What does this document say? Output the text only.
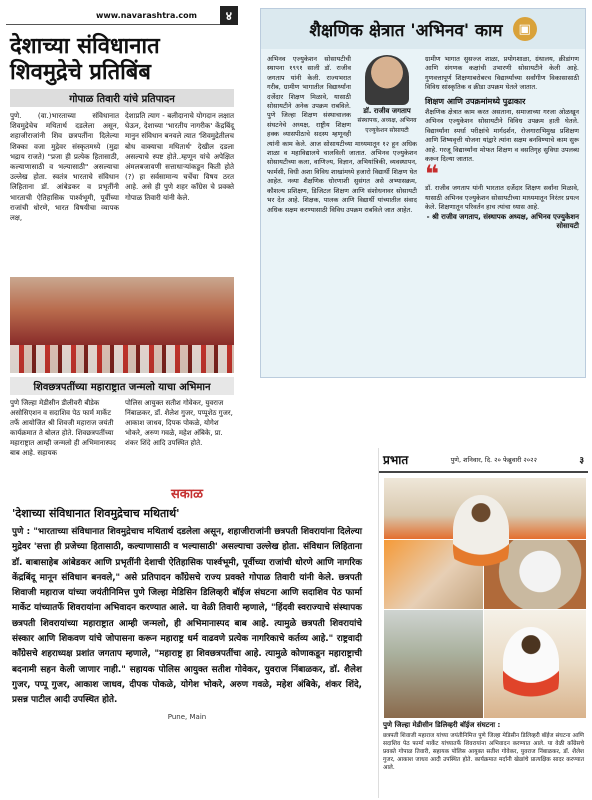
www.navarashtra.com	४
देशाच्या संविधानात शिवमुद्रेचे प्रतिबिंब
गोपाळ तिवारी यांचे प्रतिपादन
पुणे. (वा.)भारताच्या संविधानात शिवमुद्रेचेच मथितार्थ दडलेला असून, शहाजीराजांनी शिव छत्रपतींना दिलेल्या शिक्का वजा मुद्रेवर संस्कृतमध्ये (मुद्रा भद्राय राजते) "प्रजा ही प्रत्येक हितासाठी, कल्याणासाठी व भल्यासाठी" असल्याचा उल्लेख होता. स्वतंत्र भारताचे संविधान लिहिताना डॉ. आंबेडकर व प्रभृतींनी भारताची ऐतिहासिक पार्श्वभूमी, पूर्वीच्या राजांची धोरणे, भारत विषयीचा व्यापक लक्ष,
देशाप्रति त्याग - बलीदानाचे योगदान लक्षात घेऊन, देशाच्या 'भारतीय नागरीक' केंद्रबिंदू मानुन संविधान बनवले त्यात 'शिवमुद्रेतीलच बोध वाक्याचा मथितार्थ' देखील दडला असल्याचे स्पष्ट होते..म्हणून यांचे अपेक्षित अंमलबजावणी सत्ताधाऱ्यांकडून किती होते (?) हा सर्वसामान्य चर्चेचा विषय ठरत आहे. असे ही पुणे शहर काँग्रेस चे प्रवक्ते गोपाळ तिवारी यांनी केले.
शिवछत्रपतींच्या महाराष्ट्रात जन्मलो याचा अभिमान
पुणे जिल्हा मेडीसीन डीलीवरी बीडेक असोसिएशन व सदाशिव पेठ फार्म मार्केट तर्फे आयोजित श्री शिवजी महाराज जयंती कार्यक्रमात ते बोलत होते. शिवछत्रपतींच्या महाराष्ट्रात आम्ही जन्मलो ही अभिमानास्पद बाब आहे. सहायक
पोलिस आयुक्त सतीश गोवेकर, युवराज निंबाळकर, डॉ. शैलेश गुजर, पप्पूशेठ गुजर, आकाश जाधव, दिपक पोकळे, योगेश भोकरे, अरुण गवळे, महेश अंबिके, प्रा. शंकर शिंदे आदि उपस्थित होते.
शैक्षणिक क्षेत्रात 'अभिनव' काम	▣
डॉ. राजीव जगताप
संस्थापक, अध्यक्ष, अभिनव एज्युकेशन सोसायटी
अभिनव एज्युकेशन सोसायटीची स्थापना १९९१ साली डॉ. राजीव जगताप यांनी केली. राज्यभरात गरीब, ग्रामीण भागातील विद्यार्थ्यांना दर्जेदार शिक्षण मिळावे, यासाठी सोसायटीने अनेक उपक्रम राबविले. पुणे जिल्हा शिक्षण संस्थाचालक संघटनेचे अध्यक्ष, राष्ट्रीय शिक्षण हक्क व्यासपीठाचे सदस्य म्हणूनही त्यांनी काम केले. आज सोसायटीच्या माध्यमातून १२ हून अधिक शाळा व महाविद्यालये चालविली जातात. अभिनव एज्युकेशन सोसायटीच्या कला, वाणिज्य, विज्ञान, अभियांत्रिकी, व्यवस्थापन, फार्मसी, विधी अशा विविध शाखांमध्ये हजारो विद्यार्थी शिक्षण घेत आहेत. नव्या शैक्षणिक धोरणाशी सुसंगत असे अभ्यासक्रम, कौशल्य प्रशिक्षण, डिजिटल शिक्षण आणि संशोधनावर सोसायटी भर देत आहे. शिक्षक, पालक आणि विद्यार्थी यांच्यातील संवाद अधिक सक्षम करण्यासाठी विविध उपक्रम राबविले जात आहेत.
ग्रामीण भागात सुसज्ज शाळा, प्रयोगशाळा, ग्रंथालय, क्रीडांगण आणि संगणक कक्षांची उभारणी सोसायटीने केली आहे. गुणवत्तापूर्ण शिक्षणाबरोबरच विद्यार्थ्यांच्या सर्वांगीण विकासासाठी विविध सांस्कृतिक व क्रीडा उपक्रम घेतले जातात.
शिक्षण आणि उपक्रमांमध्ये पुढाकार
शैक्षणिक क्षेत्रात काम करत असताना, समाजाच्या गरजा ओळखून अभिनव एज्युकेशन सोसायटीने विविध उपक्रम हाती घेतले. विद्यार्थ्यांना स्पर्धा परीक्षांचे मार्गदर्शन, रोजगाराभिमुख प्रशिक्षण आणि शिष्यवृत्ती योजना यांद्वारे त्यांना सक्षम बनविण्याचे काम सुरू आहे. गरजू विद्यार्थ्यांना मोफत शिक्षण व वसतिगृह सुविधा उपलब्ध करून दिल्या जातात.
❝
डॉ. राजीव जगताप यांनी भारतात दर्जेदार शिक्षण सर्वांना मिळावे, यासाठी अभिनव एज्युकेशन सोसायटीच्या माध्यमातून निरंतर प्रयत्न केले. शिक्षणातून परिवर्तन हाच त्यांचा ध्यास आहे.
- श्री राजीव जगताप, संस्थापक अध्यक्ष, अभिनव एज्युकेशन सोसायटी
सकाळ
'देशाच्या संविधानात शिवमुद्रेचाच मथितार्थ'
पुणे : "भारताच्या संविधानात शिवमुद्रेचाच मथितार्थ दडलेला असून, शहाजीराजांनी छत्रपती शिवरायांना दिलेल्या मुद्रेवर 'सत्ता ही प्रजेच्या हितासाठी, कल्याणासाठी व भल्यासाठी' असल्याचा उल्लेख होता. संविधान लिहिताना डॉ. बाबासाहेब आंबेडकर आणि प्रभृतींनी देशाची ऐतिहासिक पार्श्वभूमी, पूर्वीच्या राजांची धोरणे आणि नागरिक केंद्रबिंदू मानून संविधान बनवले," असे प्रतिपादन काँग्रेसचे राज्य प्रवक्ते गोपाळ तिवारी यांनी केले. छत्रपती शिवाजी महाराज यांच्या जयंतीनिमित्त पुणे जिल्हा मेडिसिन डिलिव्हरी बॉईज संघटना आणि सदाशिव पेठ फार्मा मार्केट यांच्यातर्फे शिवरायांना अभिवादन करण्यात आले. या वेळी तिवारी म्हणाले, "हिंदवी स्वराज्याचे संस्थापक छत्रपती शिवरायांच्या महाराष्ट्रात आम्ही जन्मलो, ही अभिमानास्पद बाब आहे. त्यामुळे छत्रपती शिवरायांचे संस्कार आणि शिकवण यांचे जोपासना करून महाराष्ट्र धर्म वाढवणे प्रत्येक नागरिकाचे कर्तव्य आहे." राष्ट्रवादी काँग्रेसचे शहराध्यक्ष प्रशांत जगताप म्हणाले, "महाराष्ट्र हा शिवछत्रपतींचा आहे. त्यामुळे कोणाकडून महाराष्ट्राची बदनामी सहन केली जाणार नाही." सहायक पोलिस आयुक्त सतीश गोवेकर, युवराज निंबाळकर, डॉ. शैलेश गुजर, पप्पू गुजर, आकाश जाधव, दीपक पोकळे, योगेश भोकरे, अरुण गवळे, महेश अंबिके, शंकर शिंदे, प्रसन्न पाटील आदी उपस्थित होते.
Pune, Main
प्रभात	पुणे, शनिवार, दि. २० फेब्रुवारी २०२२	३
पुणे जिल्हा मेडीसीन डिलिव्हरी बॉईज संघटना :
छत्रपती शिवाजी महाराज यांच्या जयंतीनिमित्त पुणे जिल्हा मेडिसीन डिलिव्हरी बॉईज संघटना आणि सदाशिव पेठ फार्मा मार्केट यांच्यातर्फे शिवरायांना अभिवादन करण्यात आले. या वेळी काँग्रेसचे प्रवक्ते गोपाळ तिवारी, सहायक पोलिस आयुक्त सतीश गोवेकर, युवराज निंबाळकर, डॉ. शैलेश गुजर, आकाश जाधव आदी उपस्थित होते. कार्यक्रमात मर्दानी खेळांचे प्रात्यक्षिक सादर करण्यात आले.
